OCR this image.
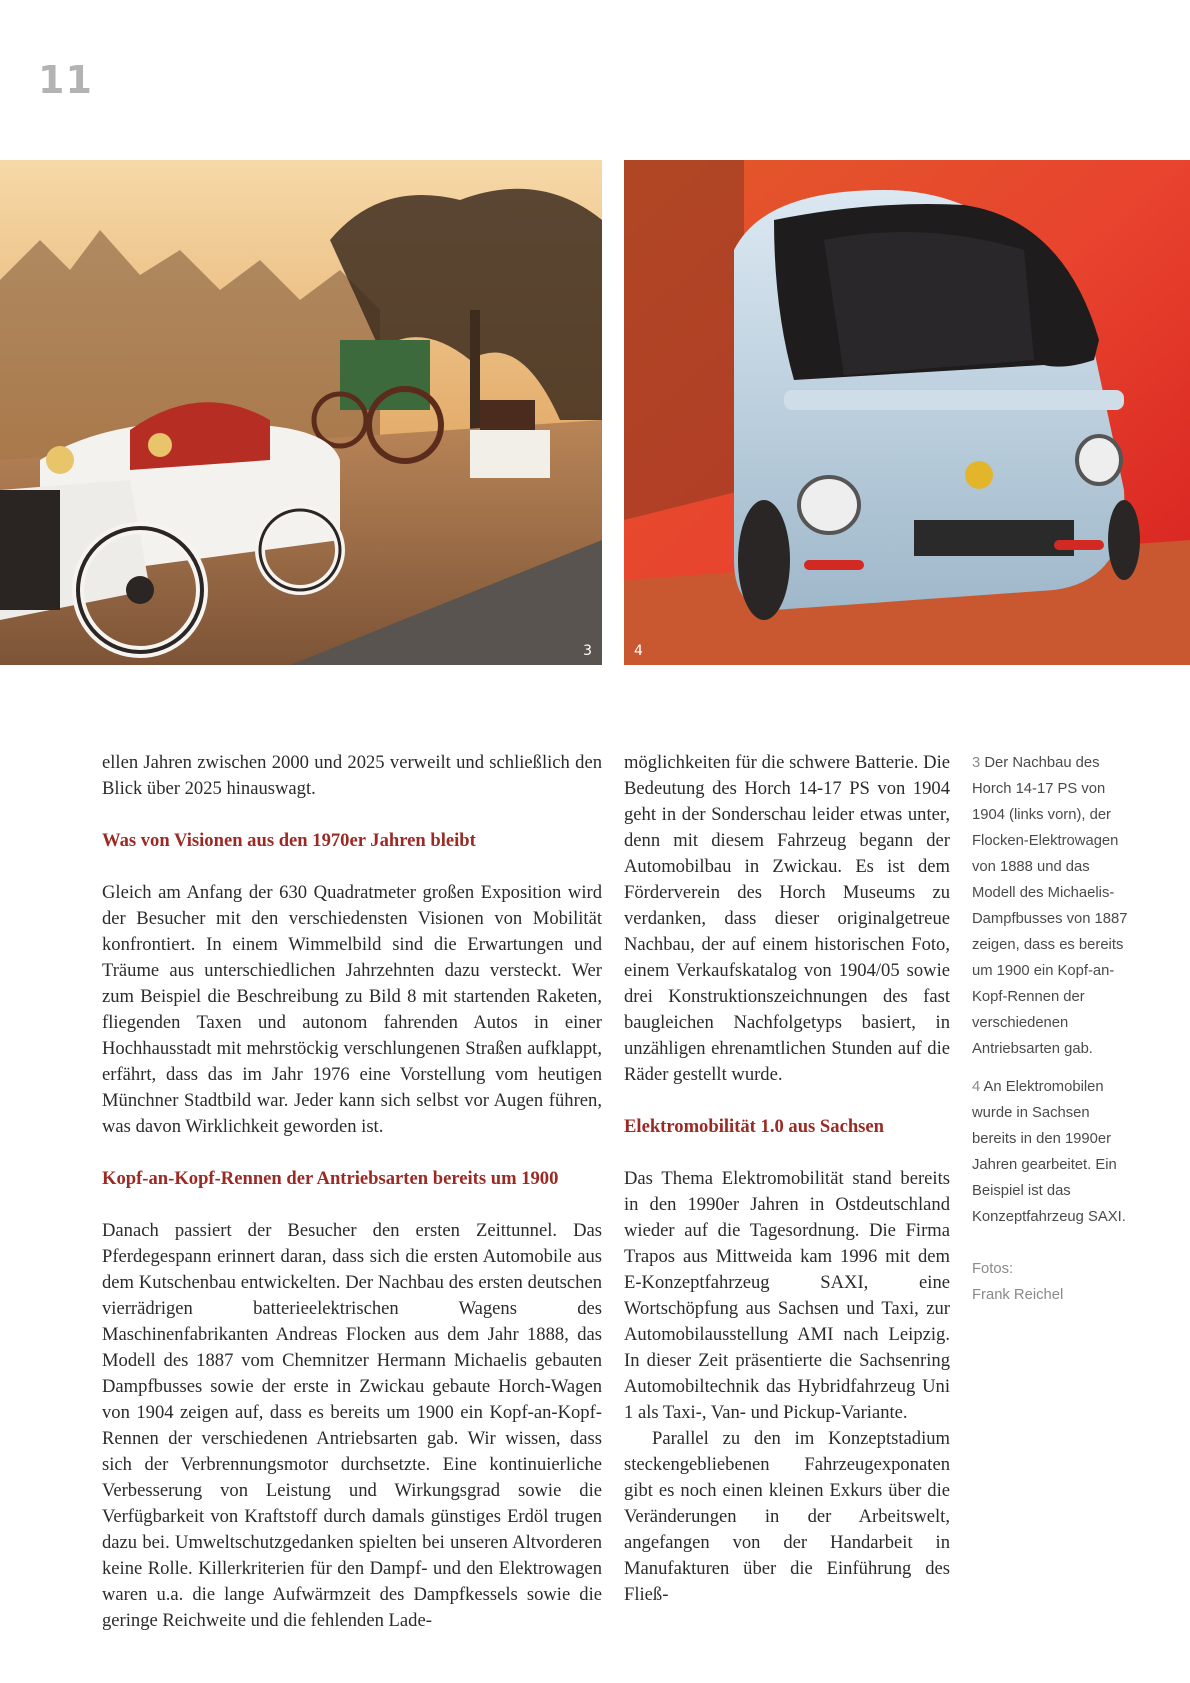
11
3	4

ellen Jahren zwischen 2000 und 2025 verweilt und schließlich den Blick über 2025 hinauswagt.

Was von Visionen aus den 1970er Jahren bleibt

Gleich am Anfang der 630 Quadratmeter großen Exposition wird der Besucher mit den verschiedensten Visionen von Mobilität konfrontiert. In einem Wimmelbild sind die Erwartungen und Träume aus unterschiedlichen Jahrzehnten dazu versteckt. Wer zum Beispiel die Beschreibung zu Bild 8 mit startenden Raketen, fliegenden Taxen und autonom fahrenden Autos in einer Hochhausstadt mit mehrstöckig verschlungenen Straßen aufklappt, erfährt, dass das im Jahr 1976 eine Vorstellung vom heutigen Münchner Stadtbild war. Jeder kann sich selbst vor Augen führen, was davon Wirklichkeit geworden ist.

Kopf-an-Kopf-Rennen der Antriebsarten bereits um 1900

Danach passiert der Besucher den ersten Zeittunnel. Das Pferdegespann erinnert daran, dass sich die ersten Automobile aus dem Kutschenbau entwickelten. Der Nachbau des ersten deutschen vierrädrigen batterieelektrischen Wagens des Maschinenfabrikanten Andreas Flocken aus dem Jahr 1888, das Modell des 1887 vom Chemnitzer Hermann Michaelis gebauten Dampfbusses sowie der erste in Zwickau gebaute Horch-Wagen von 1904 zeigen auf, dass es bereits um 1900 ein Kopf-an-Kopf-Rennen der verschiedenen Antriebsarten gab. Wir wissen, dass sich der Verbrennungsmotor durchsetzte. Eine kontinuierliche Verbesserung von Leistung und Wirkungsgrad sowie die Verfügbarkeit von Kraftstoff durch damals günstiges Erdöl trugen dazu bei. Umweltschutzgedanken spielten bei unseren Altvorderen keine Rolle. Killerkriterien für den Dampf- und den Elektrowagen waren u.a. die lange Aufwärmzeit des Dampfkessels sowie die geringe Reichweite und die fehlenden Lade-

möglichkeiten für die schwere Batterie. Die Bedeutung des Horch 14-17 PS von 1904 geht in der Sonderschau leider etwas unter, denn mit diesem Fahrzeug begann der Automobilbau in Zwickau. Es ist dem Förderverein des Horch Museums zu verdanken, dass dieser originalgetreue Nachbau, der auf einem historischen Foto, einem Verkaufskatalog von 1904/05 sowie drei Konstruktionszeichnungen des fast baugleichen Nachfolgetyps basiert, in unzähligen ehrenamtlichen Stunden auf die Räder gestellt wurde.

Elektromobilität 1.0 aus Sachsen

Das Thema Elektromobilität stand bereits in den 1990er Jahren in Ostdeutschland wieder auf die Tagesordnung. Die Firma Trapos aus Mittweida kam 1996 mit dem E-Konzeptfahrzeug SAXI, eine Wortschöpfung aus Sachsen und Taxi, zur Automobilausstellung AMI nach Leipzig. In dieser Zeit präsentierte die Sachsenring Automobiltechnik das Hybridfahrzeug Uni 1 als Taxi-, Van- und Pickup-Variante.

Parallel zu den im Konzeptstadium steckengebliebenen Fahrzeugexponaten gibt es noch einen kleinen Exkurs über die Veränderungen in der Arbeitswelt, angefangen von der Handarbeit in Manufakturen über die Einführung des Fließ-

3 Der Nachbau des Horch 14-17 PS von 1904 (links vorn), der Flocken-Elektrowagen von 1888 und das Modell des Michaelis-Dampfbusses von 1887 zeigen, dass es bereits um 1900 ein Kopf-an-Kopf-Rennen der verschiedenen Antriebsarten gab.

4 An Elektromobilen wurde in Sachsen bereits in den 1990er Jahren gearbeitet. Ein Beispiel ist das Konzeptfahrzeug SAXI.

Fotos:
Frank Reichel
